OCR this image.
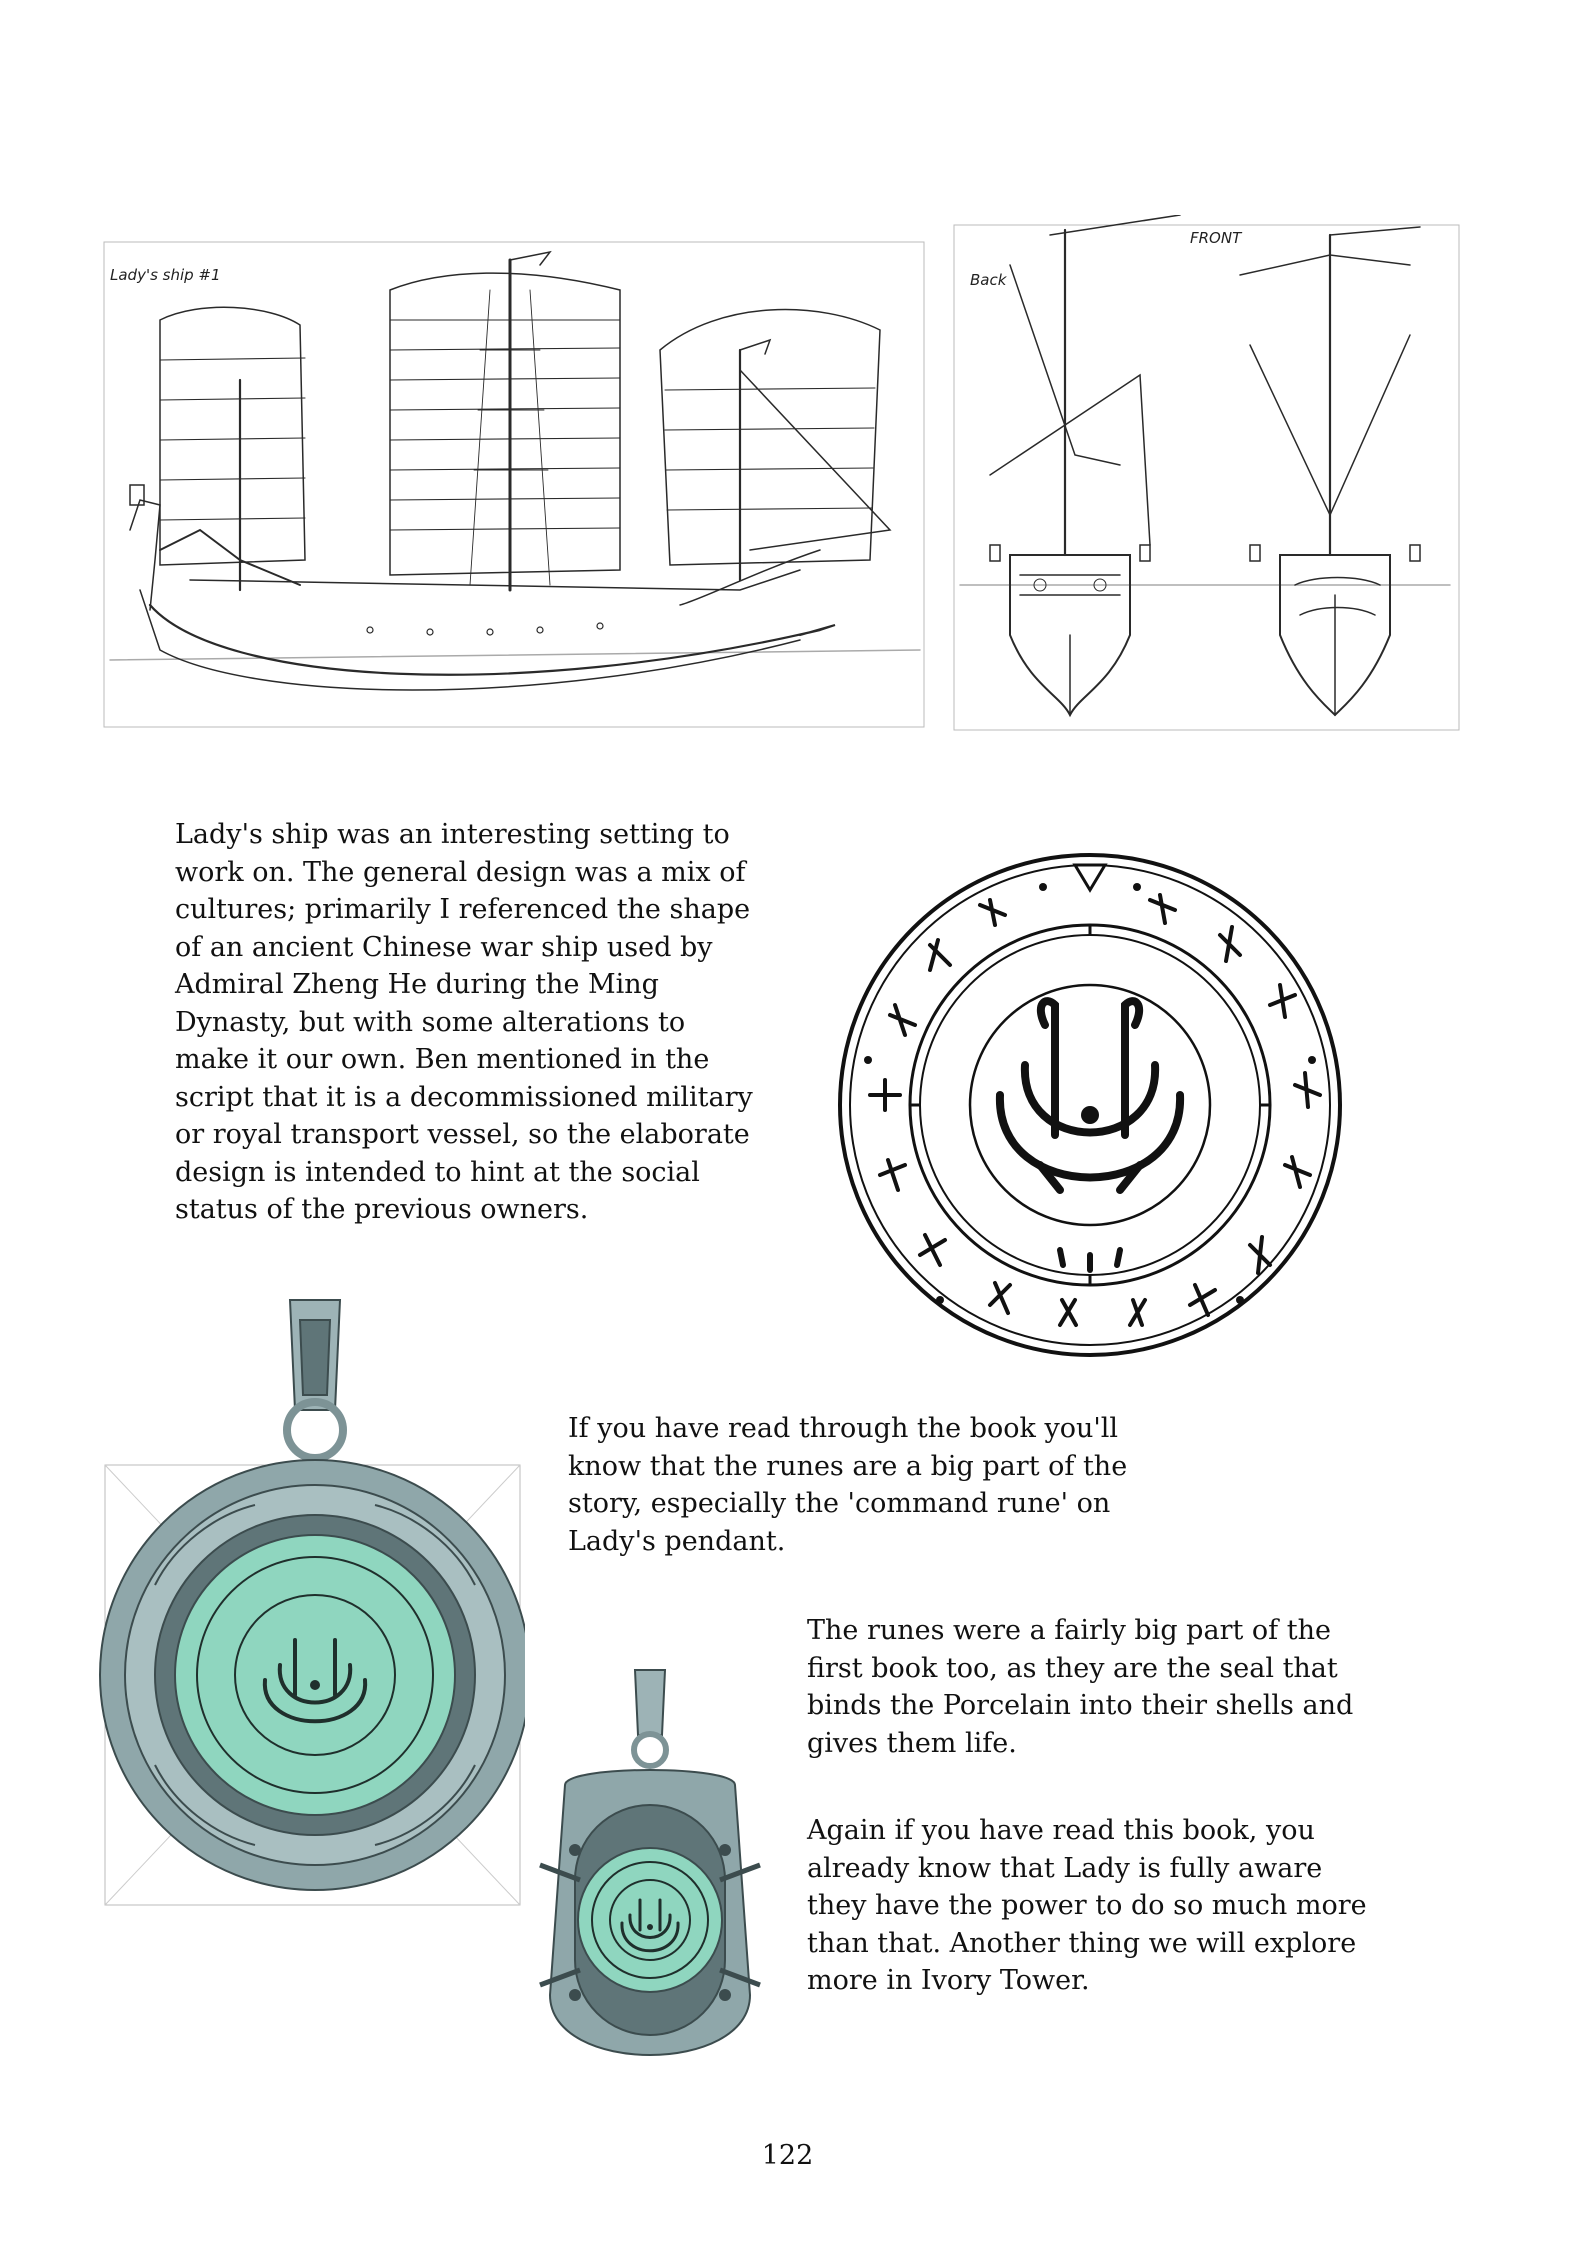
Lady's ship #1	Back
FRONT

Lady's ship was an interesting setting to work on. The general design was a mix of cultures; primarily I referenced the shape of an ancient Chinese war ship used by Admiral Zheng He during the Ming Dynasty, but with some alterations to make it our own. Ben mentioned in the script that it is a decommissioned military or royal transport vessel, so the elaborate design is intended to hint at the social status of the previous owners.

If you have read through the book you'll know that the runes are a big part of the story, especially the 'command rune' on Lady's pendant.

The runes were a fairly big part of the first book too, as they are the seal that binds the Porcelain into their shells and gives them life.

Again if you have read this book, you already know that Lady is fully aware they have the power to do so much more than that. Another thing we will explore more in Ivory Tower.

122
